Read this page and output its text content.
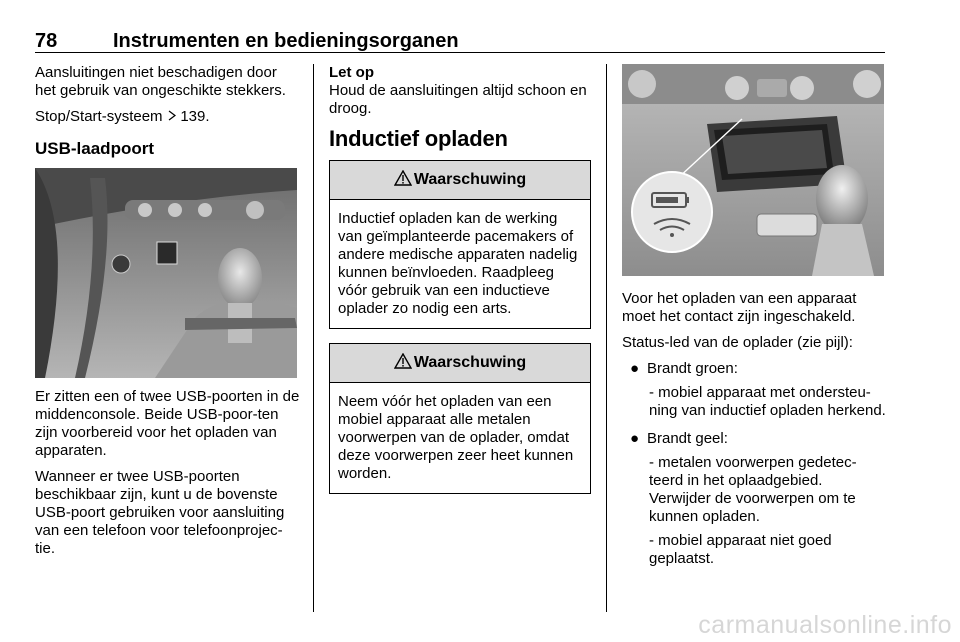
78	Instrumenten en bedieningsorganen

Aansluitingen niet beschadigen door het gebruik van ongeschikte stekkers.

Stop/Start-systeem 139.

USB-laadpoort

Er zitten een of twee USB-poorten in de middenconsole. Beide USB-poor-ten zijn voorbereid voor het opladen van apparaten.

Wanneer er twee USB-poorten beschikbaar zijn, kunt u de bovenste USB-poort gebruiken voor aansluiting van een telefoon voor telefoonprojec-tie.

Let op

Houd de aansluitingen altijd schoon en droog.

Inductief opladen
Waarschuwing
Inductief opladen kan de werking van geïmplanteerde pacemakers of andere medische apparaten nadelig kunnen beïnvloeden. Raadpleeg vóór gebruik van een inductieve oplader zo nodig een arts.
Waarschuwing
Neem vóór het opladen van een mobiel apparaat alle metalen voorwerpen van de oplader, omdat deze voorwerpen zeer heet kunnen worden.

Voor het opladen van een apparaat moet het contact zijn ingeschakeld.

Status-led van de oplader (zie pijl):

● Brandt groen:
- mobiel apparaat met ondersteu-ning van inductief opladen herkend.
● Brandt geel:
- metalen voorwerpen gedetec-teerd in het oplaadgebied. Verwijder de voorwerpen om te kunnen opladen.
- mobiel apparaat niet goed geplaatst.
carmanualsonline.info
